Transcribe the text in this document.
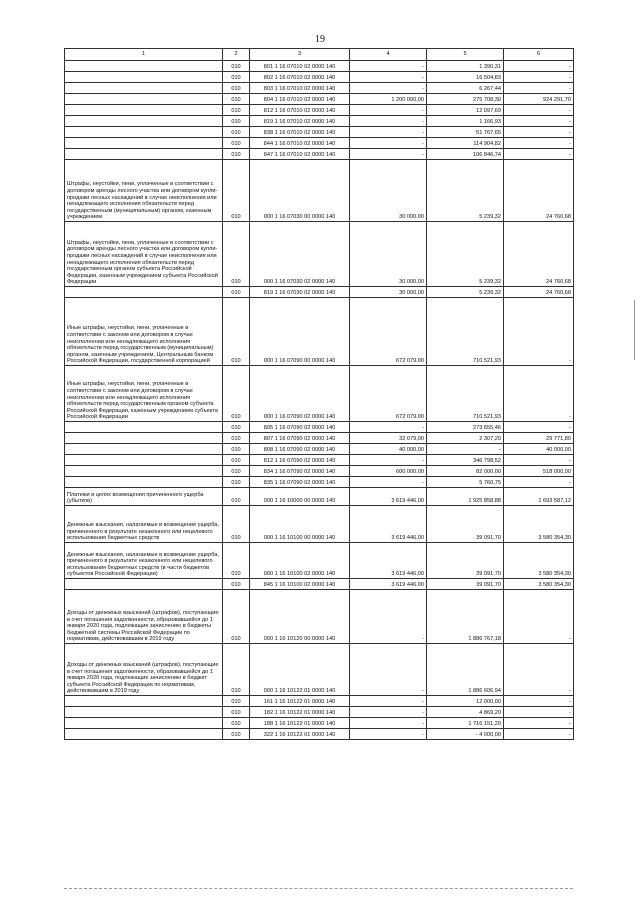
19
1	2	3	4	5	6
	010	801 1 16 07010 02 0000 140	-	1 390,31	-
	010	802 1 16 07010 02 0000 140	-	16 504,83	-
	010	803 1 16 07010 02 0000 140	-	6 267,44	-
	010	804 1 16 07010 02 0000 140	1 200 000,00	275 708,30	924 291,70
	010	812 1 16 07010 02 0000 140	-	12 097,69	-
	010	819 1 16 07010 02 0000 140	-	1 166,93	-
	010	838 1 16 07010 02 0000 140	-	51 767,65	-
	010	844 1 16 07010 02 0000 140	-	114 904,82	-
	010	847 1 16 07010 02 0000 140	-	106 846,74	-
Штрафы, неустойки, пени, уплаченные в соответствии с договором аренды лесного участка или договором купли-продажи лесных насаждений в случае неисполнения или ненадлежащего исполнения обязательств перед государственным (муниципальным) органом, казенным учреждением	010	000 1 16 07030 00 0000 140	30 000,00	5 239,32	24 760,68
Штрафы, неустойки, пени, уплаченные в соответствии с договором аренды лесного участка или договором купли-продажи лесных насаждений в случае неисполнения или ненадлежащего исполнения обязательств перед государственным органом субъекта Российской Федерации, казенным учреждением субъекта Российской Федерации	010	000 1 16 07030 02 0000 140	30 000,00	5 239,32	24 760,68
	010	819 1 16 07030 02 0000 140	30 000,00	5 239,32	24 760,68
Иные штрафы, неустойки, пени, уплаченные в соответствии с законом или договором в случае неисполнения или ненадлежащего исполнения обязательств перед государственным (муниципальным) органом, казенным учреждением, Центральным банком Российской Федерации, государственной корпорацией	010	000 1 16 07090 00 0000 140	672 079,00	710 521,93	-
Иные штрафы, неустойки, пени, уплаченные в соответствии с законом или договором в случае неисполнения или ненадлежащего исполнения обязательств перед государственным органом субъекта Российской Федерации, казенным учреждением субъекта Российской Федерации	010	000 1 16 07090 02 0000 140	672 079,00	710 521,93	-
	010	805 1 16 07090 02 0000 140	-	273 655,46	-
	010	807 1 16 07090 02 0000 140	32 079,00	2 307,20	29 771,80
	010	808 1 16 07090 02 0000 140	40 000,00	-	40 000,00
	010	812 1 16 07090 02 0000 140	-	346 798,52	-
	010	834 1 16 07090 02 0000 140	600 000,00	82 000,00	518 000,00
	010	835 1 16 07090 02 0000 140	-	5 760,75	-
Платежи в целях возмещения причиненного ущерба (убытков)	010	000 1 16 10000 00 0000 140	3 619 446,00	1 925 858,88	1 693 587,12
Денежные взыскания, налагаемые в возмещение ущерба, причиненного в результате незаконного или нецелевого использования бюджетных средств	010	000 1 16 10100 00 0000 140	3 619 446,00	39 091,70	3 580 354,30
Денежные взыскания, налагаемые в возмещение ущерба, причиненного в результате незаконного или нецелевого использования бюджетных средств (в части бюджетов субъектов Российской Федерации)	010	000 1 16 10100 02 0000 140	3 619 446,00	39 091,70	3 580 354,30
	010	845 1 16 10100 02 0000 140	3 619 446,00	39 091,70	3 580 354,30
Доходы от денежных взысканий (штрафов), поступающие в счет погашения задолженности, образовавшейся до 1 января 2020 года, подлежащие зачислению в бюджеты бюджетной системы Российской Федерации по нормативам, действовавшим в 2019 году	010	000 1 16 10120 00 0000 140	-	1 886 767,18	-
Доходы от денежных взысканий (штрафов), поступающие в счет погашения задолженности, образовавшейся до 1 января 2020 года, подлежащие зачислению в бюджет субъекта Российской Федерации по нормативам, действовавшим в 2019 году	010	000 1 16 10122 01 0000 140	-	1 886 606,94	-
	010	161 1 16 10122 01 0000 140	-	12 000,00	-
	010	182 1 16 10122 01 0000 140	-	4 869,20	-
	010	188 1 16 10122 01 0000 140	-	1 716 151,20	-
	010	322 1 16 10122 01 0000 140	-	- 4 000,00	-
